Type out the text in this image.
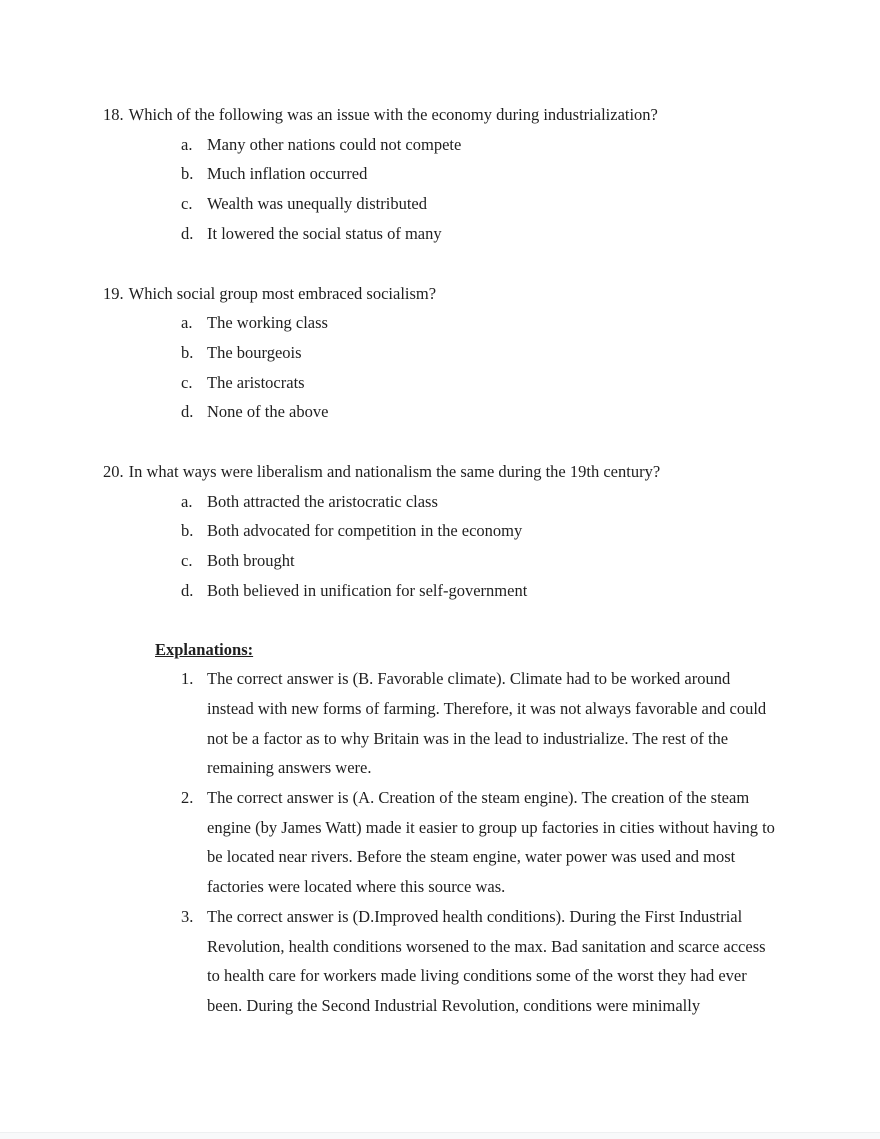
18. Which of the following was an issue with the economy during industrialization?
a. Many other nations could not compete
b. Much inflation occurred
c. Wealth was unequally distributed
d. It lowered the social status of many
19. Which social group most embraced socialism?
a. The working class
b. The bourgeois
c. The aristocrats
d. None of the above
20. In what ways were liberalism and nationalism the same during the 19th century?
a. Both attracted the aristocratic class
b. Both advocated for competition in the economy
c. Both brought
d. Both believed in unification for self-government
Explanations:
1. The correct answer is (B. Favorable climate). Climate had to be worked around instead with new forms of farming. Therefore, it was not always favorable and could not be a factor as to why Britain was in the lead to industrialize. The rest of the remaining answers were.
2. The correct answer is (A. Creation of the steam engine). The creation of the steam engine (by James Watt) made it easier to group up factories in cities without having to be located near rivers. Before the steam engine, water power was used and most factories were located where this source was.
3. The correct answer is (D.Improved health conditions). During the First Industrial Revolution, health conditions worsened to the max. Bad sanitation and scarce access to health care for workers made living conditions some of the worst they had ever been. During the Second Industrial Revolution, conditions were minimally
